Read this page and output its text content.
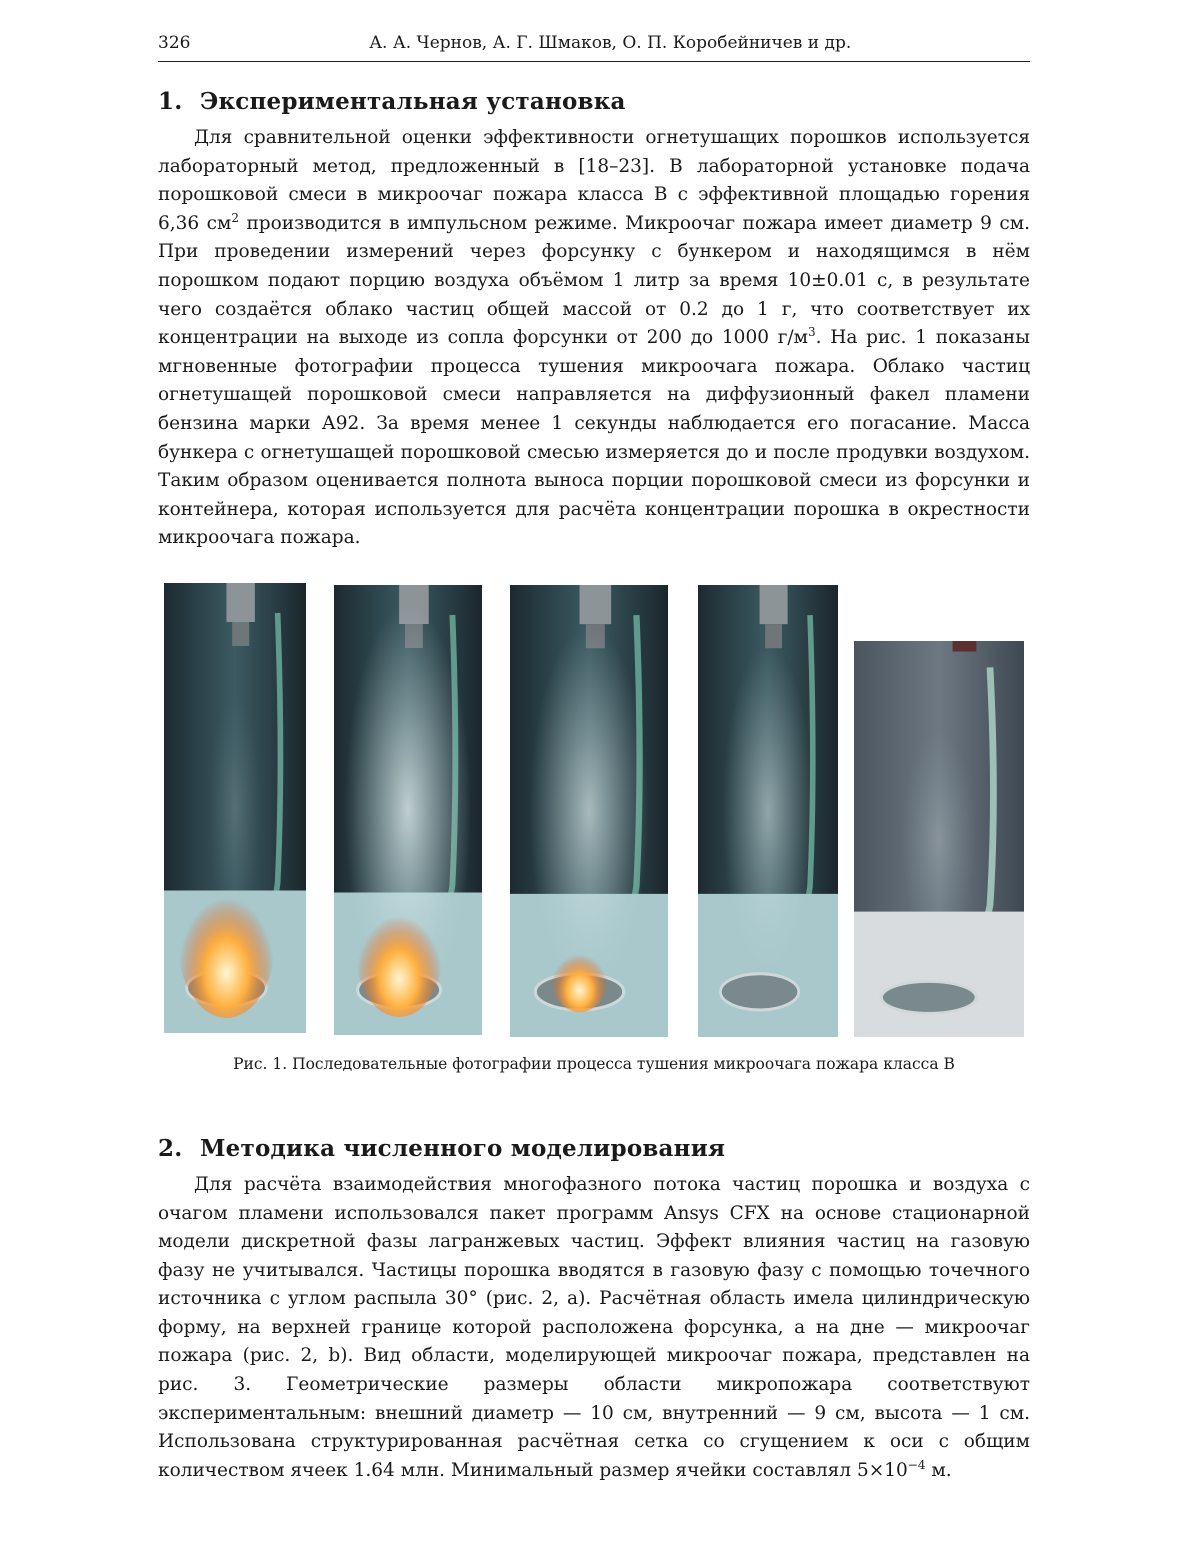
326	А. А. Чернов, А. Г. Шмаков, О. П. Коробейничев и др.
1. Экспериментальная установка

Для сравнительной оценки эффективности огнетушащих порошков используется лабораторный метод, предложенный в [18–23]. В лабораторной установке подача порошковой смеси в микроочаг пожара класса В с эффективной площадью горения 6,36 $см^2$ производится в импульсном режиме. Микроочаг пожара имеет диаметр 9 см. При проведении измерений через форсунку с бункером и находящимся в нём порошком подают порцию воздуха объёмом 1 литр за время 10±0.01 с, в результате чего создаётся облако частиц общей массой от 0.2 до 1 г, что соответствует их концентрации на выходе из сопла форсунки от 200 до 1000 $г/м^3$. На рис. 1 показаны мгновенные фотографии процесса тушения микроочага пожара. Облако частиц огнетушащей порошковой смеси направляется на диффузионный факел пламени бензина марки А92. За время менее 1 секунды наблюдается его погасание. Масса бункера с огнетушащей порошковой смесью измеряется до и после продувки воздухом. Таким образом оценивается полнота выноса порции порошковой смеси из форсунки и контейнера, которая используется для расчёта концентрации порошка в окрестности микроочага пожара.

Рис. 1. Последовательные фотографии процесса тушения микроочага пожара класса В
2. Методика численного моделирования

Для расчёта взаимодействия многофазного потока частиц порошка и воздуха с очагом пламени использовался пакет программ Ansys CFX на основе стационарной модели дискретной фазы лагранжевых частиц. Эффект влияния частиц на газовую фазу не учитывался. Частицы порошка вводятся в газовую фазу с помощью точечного источника с углом распыла 30° (рис. 2, a). Расчётная область имела цилиндрическую форму, на верхней границе которой расположена форсунка, а на дне — микроочаг пожара (рис. 2, b). Вид области, моделирующей микроочаг пожара, представлен на рис. 3. Геометрические размеры области микропожара соответствуют экспериментальным: внешний диаметр — 10 см, внутренний — 9 см, высота — 1 см. Использована структурированная расчётная сетка со сгущением к оси с общим количеством ячеек 1.64 млн. Минимальный размер ячейки составлял $5\times 10^{-4}$ м.
